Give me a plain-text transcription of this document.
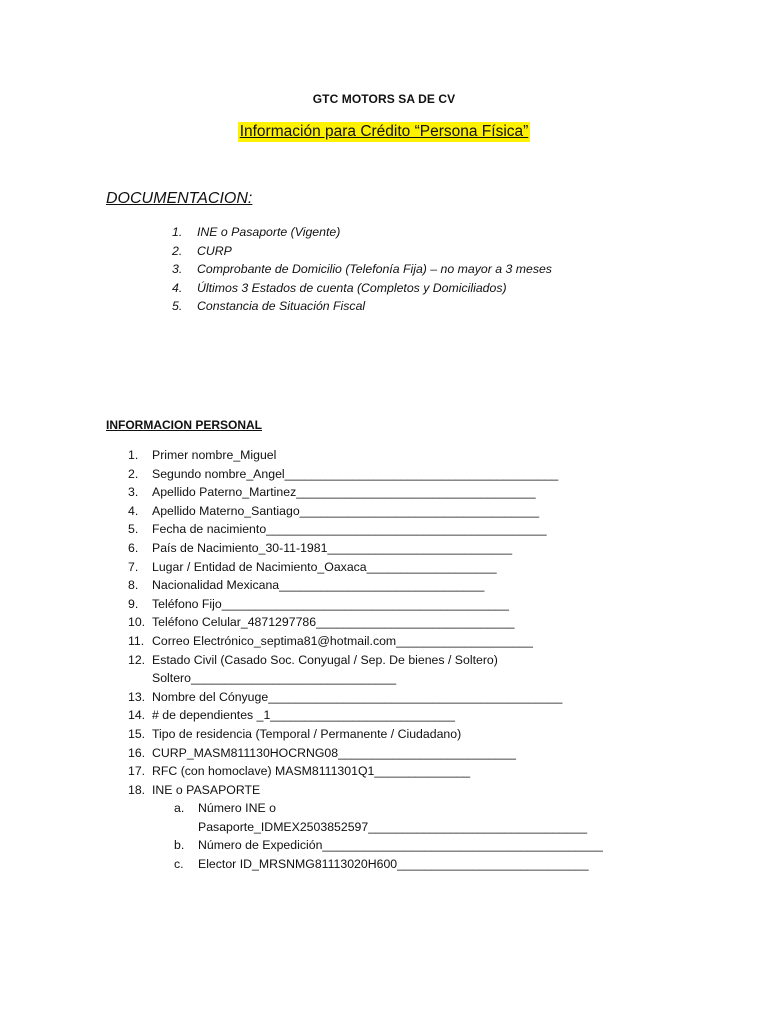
GTC MOTORS SA DE CV
Información para Crédito “Persona Física”
DOCUMENTACION:
1. INE o Pasaporte (Vigente)
2. CURP
3. Comprobante de Domicilio (Telefonía Fija) – no mayor a 3 meses
4. Últimos 3 Estados de cuenta (Completos y Domiciliados)
5. Constancia de Situación Fiscal
INFORMACION PERSONAL
1. Primer nombre_Miguel
2. Segundo nombre_Angel________________________________________
3. Apellido Paterno_Martinez___________________________________
4. Apellido Materno_Santiago___________________________________
5. Fecha de nacimiento_________________________________________
6. País de Nacimiento_30-11-1981___________________________
7. Lugar / Entidad de Nacimiento_Oaxaca___________________
8. Nacionalidad Mexicana______________________________
9. Teléfono Fijo__________________________________________
10. Teléfono Celular_4871297786_____________________________
11. Correo Electrónico_septima81@hotmail.com____________________
12. Estado Civil (Casado Soc. Conyugal / Sep. De bienes / Soltero)
Soltero______________________________
13. Nombre del Cónyuge___________________________________________
14. # de dependientes _1___________________________
15. Tipo de residencia (Temporal / Permanente / Ciudadano)
16. CURP_MASM811130HOCRNG08__________________________
17. RFC (con homoclave) MASM8111301Q1______________
18. INE o PASAPORTE
a. Número INE o
Pasaporte_IDMEX2503852597________________________________
b. Número de Expedición_________________________________________
c. Elector ID_MRSNMG81113020H600____________________________
